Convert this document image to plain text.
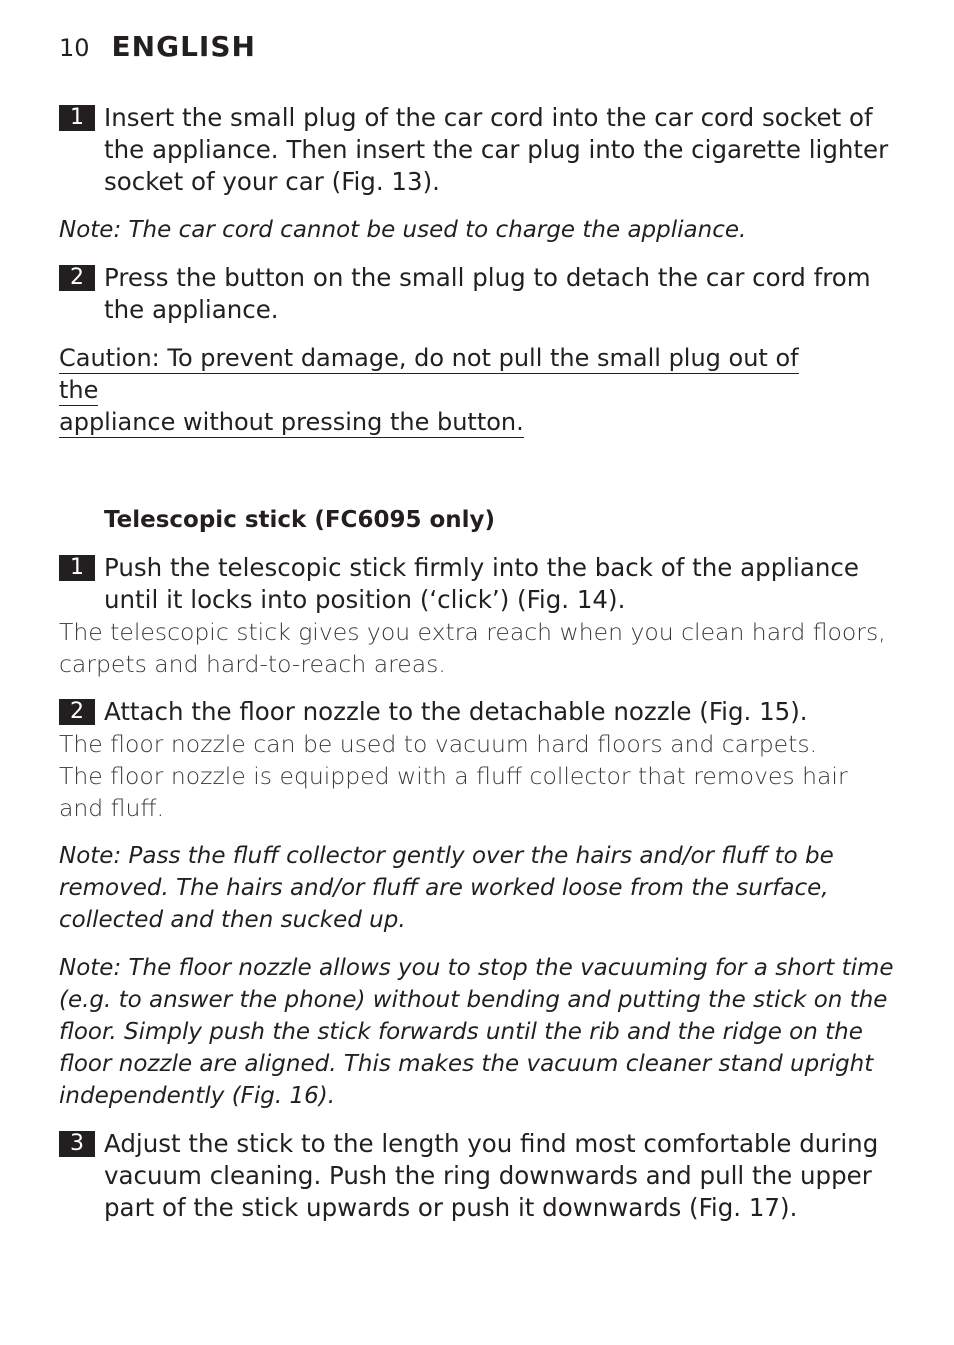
10 ENGLISH
1 Insert the small plug of the car cord into the car cord socket of the appliance. Then insert the car plug into the cigarette lighter socket of your car (Fig. 13).
Note: The car cord cannot be used to charge the appliance.
2 Press the button on the small plug to detach the car cord from the appliance.
Caution: To prevent damage, do not pull the small plug out of the
appliance without pressing the button.
Telescopic stick (FC6095 only)
1 Push the telescopic stick firmly into the back of the appliance until it locks into position (‘click’) (Fig. 14).
The telescopic stick gives you extra reach when you clean hard floors, carpets and hard-to-reach areas.
2 Attach the floor nozzle to the detachable nozzle (Fig. 15).
The floor nozzle can be used to vacuum hard floors and carpets.
The floor nozzle is equipped with a fluff collector that removes hair and fluff.
Note: Pass the fluff collector gently over the hairs and/or fluff to be removed. The hairs and/or fluff are worked loose from the surface, collected and then sucked up.
Note: The floor nozzle allows you to stop the vacuuming for a short time (e.g. to answer the phone) without bending and putting the stick on the floor. Simply push the stick forwards until the rib and the ridge on the floor nozzle are aligned. This makes the vacuum cleaner stand upright independently (Fig. 16).
3 Adjust the stick to the length you find most comfortable during vacuum cleaning. Push the ring downwards and pull the upper part of the stick upwards or push it downwards (Fig. 17).
